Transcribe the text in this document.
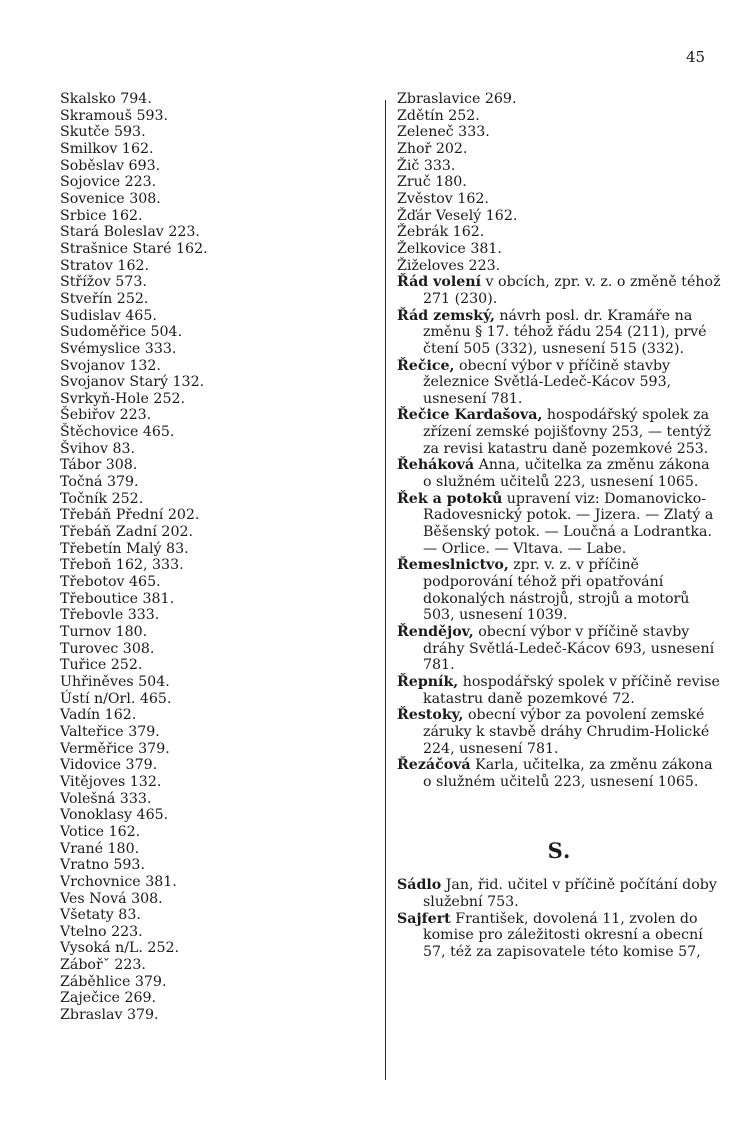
45
Skalsko 794.
Skramouš 593.
Skutče 593.
Smilkov 162.
Soběslav 693.
Sojovice 223.
Sovenice 308.
Srbice 162.
Stará Boleslav 223.
Strašnice Staré 162.
Stratov 162.
Střížov 573.
Stveřín 252.
Sudislav 465.
Sudoměřice 504.
Svémyslice 333.
Svojanov 132.
Svojanov Starý 132.
Svrkyň-Hole 252.
Šebiřov 223.
Štěchovice 465.
Švihov 83.
Tábor 308.
Točná 379.
Točník 252.
Třebáň Přední 202.
Třebáň Zadní 202.
Třebetín Malý 83.
Třeboň 162, 333.
Třebotov 465.
Třeboutice 381.
Třebovle 333.
Turnov 180.
Turovec 308.
Tuřice 252.
Uhřiněves 504.
Ústí n/Orl. 465.
Vadín 162.
Valteřice 379.
Verměřice 379.
Vidovice 379.
Vitějoves 132.
Volešná 333.
Vonoklasy 465.
Votice 162.
Vrané 180.
Vratno 593.
Vrchovnice 381.
Ves Nová 308.
Všetaty 83.
Vtelno 223.
Vysoká n/L. 252.
Zábořˇ 223.
Záběhlice 379.
Zaječice 269.
Zbraslav 379.
Zbraslavice 269.
Zdětín 252.
Zeleneč 333.
Zhoř 202.
Žič 333.
Zruč 180.
Zvěstov 162.
Žďár Veselý 162.
Žebrák 162.
Želkovice 381.
Žiželoves 223.
Řád volení v obcích, zpr. v. z. o změně téhož 271 (230).
Řád zemský, návrh posl. dr. Kramáře na změnu § 17. téhož řádu 254 (211), prvé čtení 505 (332), usnesení 515 (332).
Řečice, obecní výbor v příčině stavby železnice Světlá-Ledeč-Kácov 593, usnesení 781.
Řečice Kardašova, hospodářský spolek za zřízení zemské pojišťovny 253, — tentýž za revisi katastru daně pozemkové 253.
Řeháková Anna, učitelka za změnu zákona o služném učitelů 223, usnesení 1065.
Řek a potoků upravení viz: Domanovicko-Radovesnický potok. — Jizera. — Zlatý a Běšenský potok. — Loučná a Lodrantka. — Orlice. — Vltava. — Labe.
Řemeslnictvo, zpr. v. z. v příčině podporování téhož při opatřování dokonalých nástrojů, strojů a motorů 503, usnesení 1039.
Řendějov, obecní výbor v příčině stavby dráhy Světlá-Ledeč-Kácov 693, usnesení 781.
Řepník, hospodářský spolek v příčině revise katastru daně pozemkové 72.
Řestoky, obecní výbor za povolení zemské záruky k stavbě dráhy Chrudim-Holické 224, usnesení 781.
Řezáčová Karla, učitelka, za změnu zákona o služném učitelů 223, usnesení 1065.
S.
Sádlo Jan, řid. učitel v příčině počítání doby služební 753.
Sajfert František, dovolená 11, zvolen do komise pro záležitosti okresní a obecní 57, též za zapisovatele této komise 57,
